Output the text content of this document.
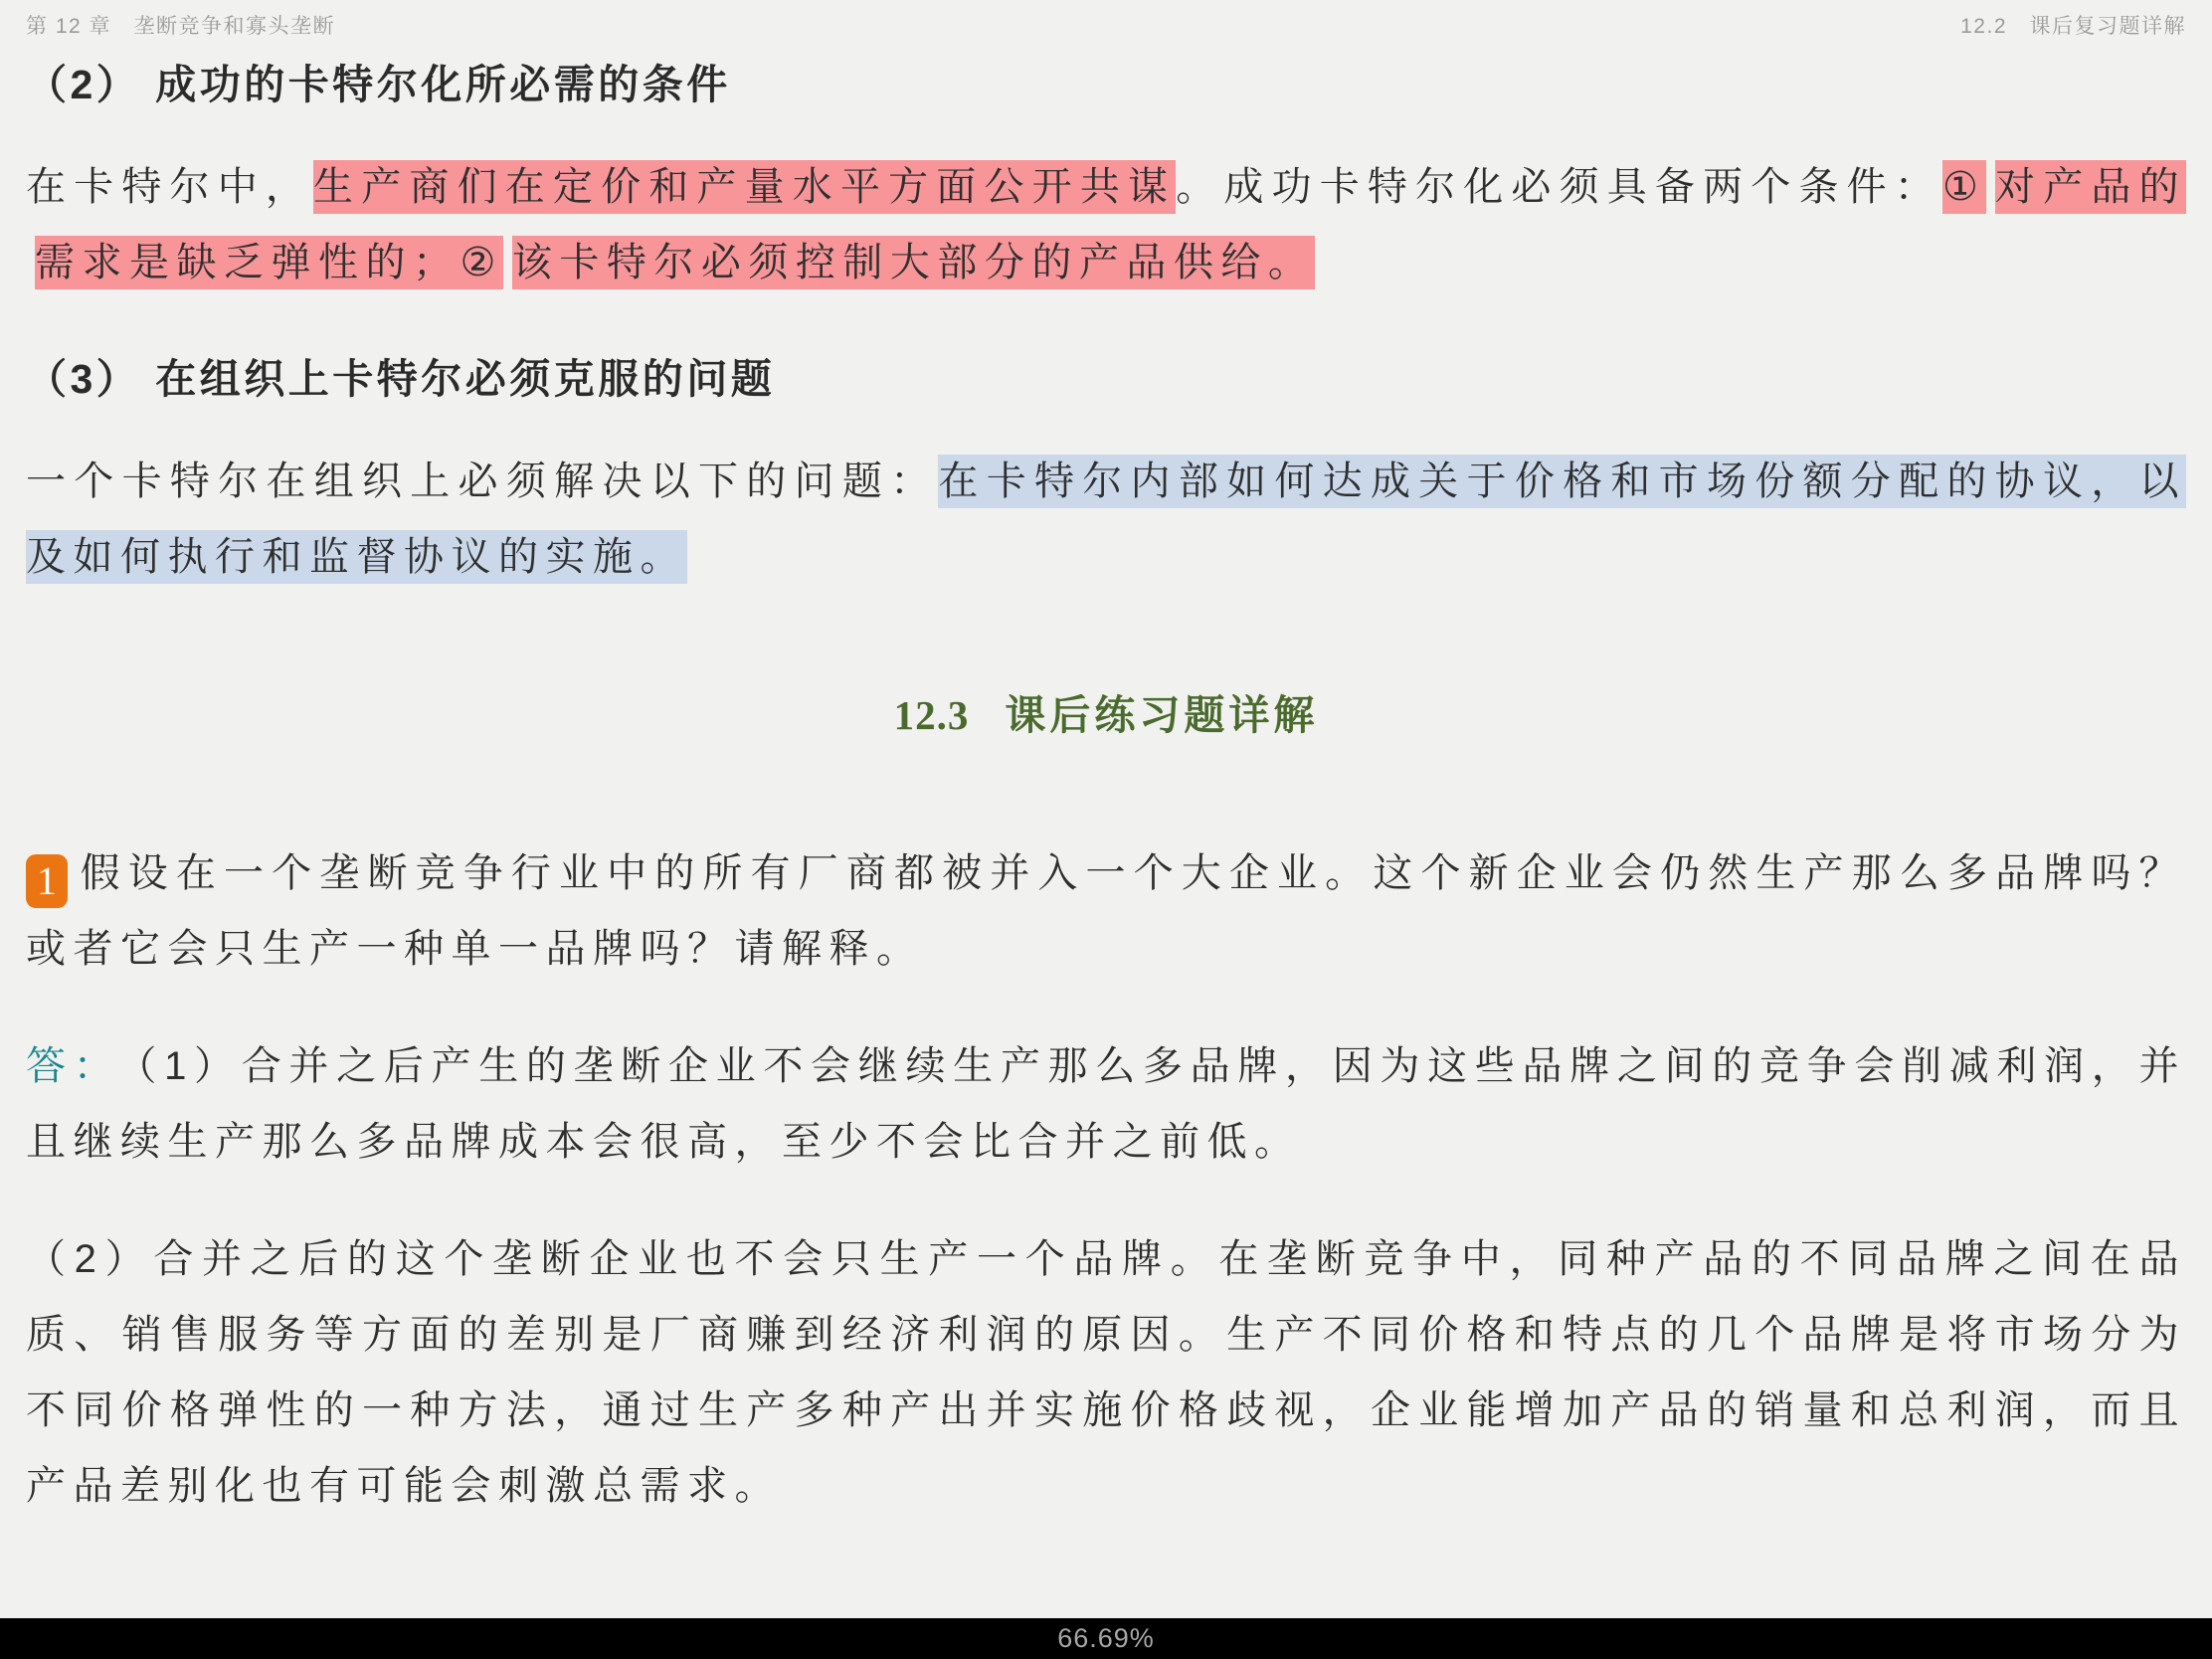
第 12 章　垄断竞争和寡头垄断	12.2　课后复习题详解
（2） 成功的卡特尔化所必需的条件

在卡特尔中，生产商们在定价和产量水平方面公开共谋。成功卡特尔化必须具备两个条件：① 对产品的需求是缺乏弹性的；② 该卡特尔必须控制大部分的产品供给。

（3） 在组织上卡特尔必须克服的问题

一个卡特尔在组织上必须解决以下的问题：在卡特尔内部如何达成关于价格和市场份额分配的协议，以及如何执行和监督协议的实施。

12.3 课后练习题详解

1 假设在一个垄断竞争行业中的所有厂商都被并入一个大企业。这个新企业会仍然生产那么多品牌吗？或者它会只生产一种单一品牌吗？请解释。

答： （1）合并之后产生的垄断企业不会继续生产那么多品牌，因为这些品牌之间的竞争会削减利润，并且继续生产那么多品牌成本会很高，至少不会比合并之前低。

（2）合并之后的这个垄断企业也不会只生产一个品牌。在垄断竞争中，同种产品的不同品牌之间在品质、销售服务等方面的差别是厂商赚到经济利润的原因。生产不同价格和特点的几个品牌是将市场分为不同价格弹性的一种方法，通过生产多种产出并实施价格歧视，企业能增加产品的销量和总利润，而且产品差别化也有可能会刺激总需求。

66.69%
